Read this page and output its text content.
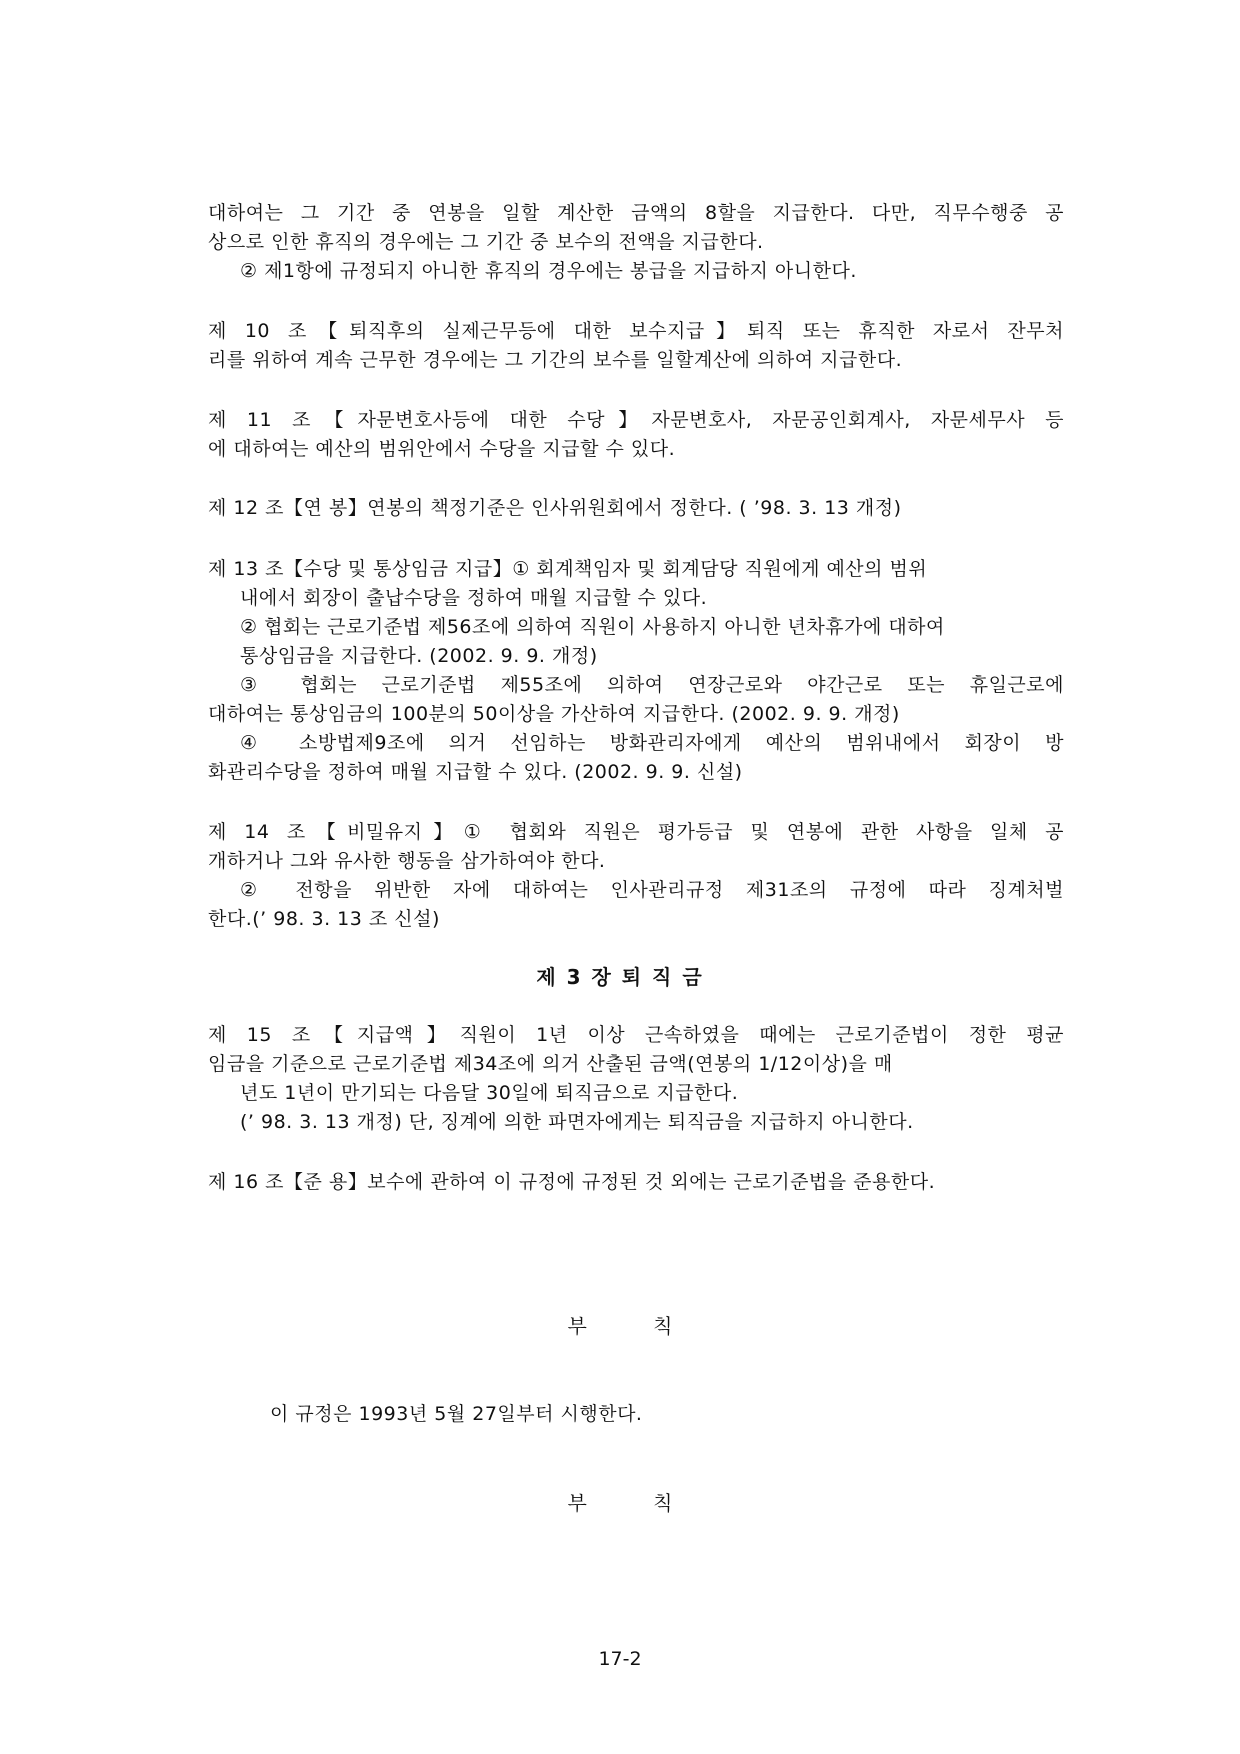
대하여는 그 기간 중 연봉을 일할 계산한 금액의 8할을 지급한다. 다만, 직무수행중 공
상으로 인한 휴직의 경우에는 그 기간 중 보수의 전액을 지급한다.
② 제1항에 규정되지 아니한 휴직의 경우에는 봉급을 지급하지 아니한다.
제 10 조【퇴직후의 실제근무등에 대한 보수지급】퇴직 또는 휴직한 자로서 잔무처
리를 위하여 계속 근무한 경우에는 그 기간의 보수를 일할계산에 의하여 지급한다.
제 11 조【자문변호사등에 대한 수당】자문변호사, 자문공인회계사, 자문세무사 등
에 대하여는 예산의 범위안에서 수당을 지급할 수 있다.
제 12 조【연 봉】연봉의 책정기준은 인사위원회에서 정한다. ( ’98. 3. 13 개정)
제 13 조【수당 및 통상임금 지급】① 회계책임자 및 회계담당 직원에게 예산의 범위
내에서 회장이 출납수당을 정하여 매월 지급할 수 있다.
② 협회는 근로기준법 제56조에 의하여 직원이 사용하지 아니한 년차휴가에 대하여
통상임금을 지급한다. (2002. 9. 9. 개정)
③ 협회는 근로기준법 제55조에 의하여 연장근로와 야간근로 또는 휴일근로에
대하여는 통상임금의 100분의 50이상을 가산하여 지급한다. (2002. 9. 9. 개정)
④ 소방법제9조에 의거 선임하는 방화관리자에게 예산의 범위내에서 회장이 방
화관리수당을 정하여 매월 지급할 수 있다. (2002. 9. 9. 신설)
제 14 조【비밀유지】① 협회와 직원은 평가등급 및 연봉에 관한 사항을 일체 공
개하거나 그와 유사한 행동을 삼가하여야 한다.
② 전항을 위반한 자에 대하여는 인사관리규정 제31조의 규정에 따라 징계처벌
한다.(’ 98. 3. 13 조 신설)
제 3 장 퇴 직 금
제 15 조【지급액】직원이 1년 이상 근속하였을 때에는 근로기준법이 정한 평균
임금을 기준으로 근로기준법 제34조에 의거 산출된 금액(연봉의 1/12이상)을 매
년도 1년이 만기되는 다음달 30일에 퇴직금으로 지급한다.
(’ 98. 3. 13 개정) 단, 징계에 의한 파면자에게는 퇴직금을 지급하지 아니한다.
제 16 조【준 용】보수에 관하여 이 규정에 규정된 것 외에는 근로기준법을 준용한다.
부 칙
이 규정은 1993년 5월 27일부터 시행한다.
부 칙
17-2
